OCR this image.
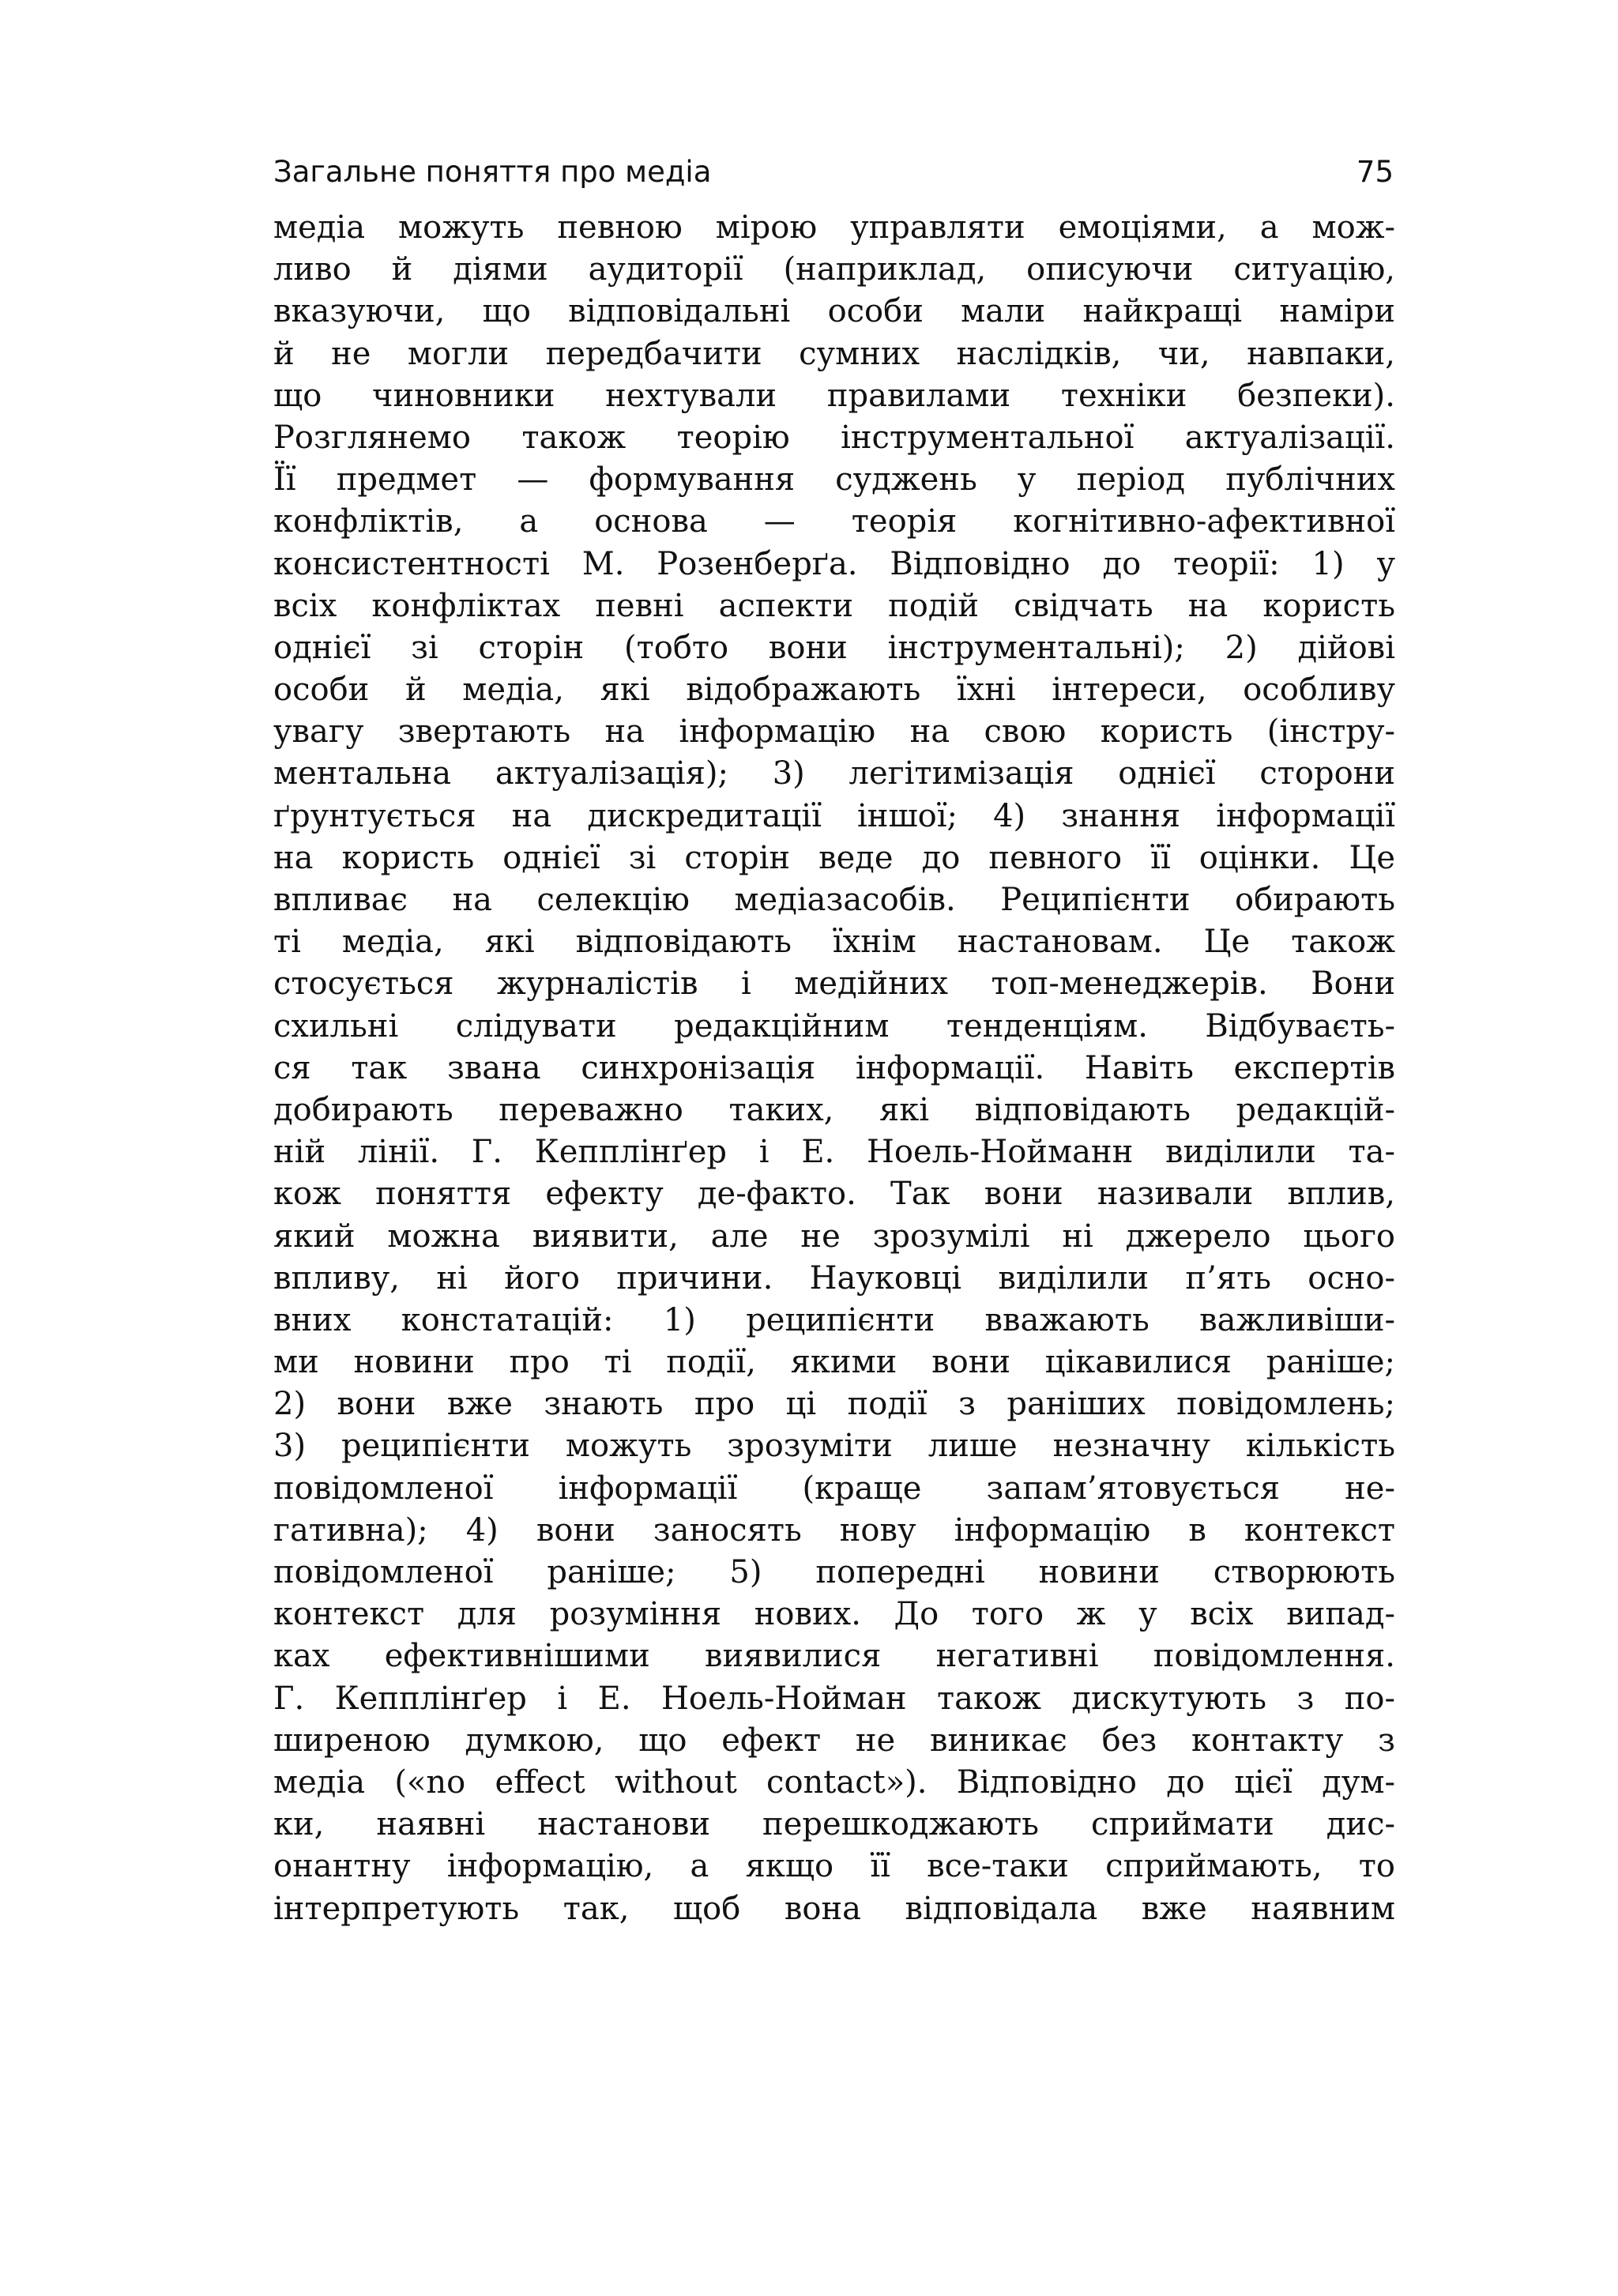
Загальне поняття про медіа	75
медіа можуть певною мірою управляти емоціями, а мож-
ливо й діями аудиторії (наприклад, описуючи ситуацію,
вказуючи, що відповідальні особи мали найкращі наміри
й не могли передбачити сумних наслідків, чи, навпаки,
що чиновники нехтували правилами техніки безпеки).
Розглянемо також теорію інструментальної актуалізації.
Її предмет — формування суджень у період публічних
конфліктів, а основа — теорія когнітивно-афективної
консистентності М. Розенберґа. Відповідно до теорії: 1) у
всіх конфліктах певні аспекти подій свідчать на користь
однієї зі сторін (тобто вони інструментальні); 2) дійові
особи й медіа, які відображають їхні інтереси, особливу
увагу звертають на інформацію на свою користь (інстру-
ментальна актуалізація); 3) легітимізація однієї сторони
ґрунтується на дискредитації іншої; 4) знання інформації
на користь однієї зі сторін веде до певного її оцінки. Це
впливає на селекцію медіазасобів. Реципієнти обирають
ті медіа, які відповідають їхнім настановам. Це також
стосується журналістів і медійних топ-менеджерів. Вони
схильні слідувати редакційним тенденціям. Відбуваєть-
ся так звана синхронізація інформації. Навіть експертів
добирають переважно таких, які відповідають редакцій-
ній лінії. Г. Кепплінґер і Е. Ноель-Нойманн виділили та-
кож поняття ефекту де-факто. Так вони називали вплив,
який можна виявити, але не зрозумілі ні джерело цього
впливу, ні його причини. Науковці виділили п’ять осно-
вних констатацій: 1) реципієнти вважають важливіши-
ми новини про ті події, якими вони цікавилися раніше;
2) вони вже знають про ці події з раніших повідомлень;
3) реципієнти можуть зрозуміти лише незначну кількість
повідомленої інформації (краще запам’ятовується не-
гативна); 4) вони заносять нову інформацію в контекст
повідомленої раніше; 5) попередні новини створюють
контекст для розуміння нових. До того ж у всіх випад-
ках ефективнішими виявилися негативні повідомлення.
Г. Кепплінґер і Е. Ноель-Нойман також дискутують з по-
ширеною думкою, що ефект не виникає без контакту з
медіа («no effect without contact»). Відповідно до цієї дум-
ки, наявні настанови перешкоджають сприймати дис-
онантну інформацію, а якщо її все-таки сприймають, то
інтерпретують так, щоб вона відповідала вже наявним
